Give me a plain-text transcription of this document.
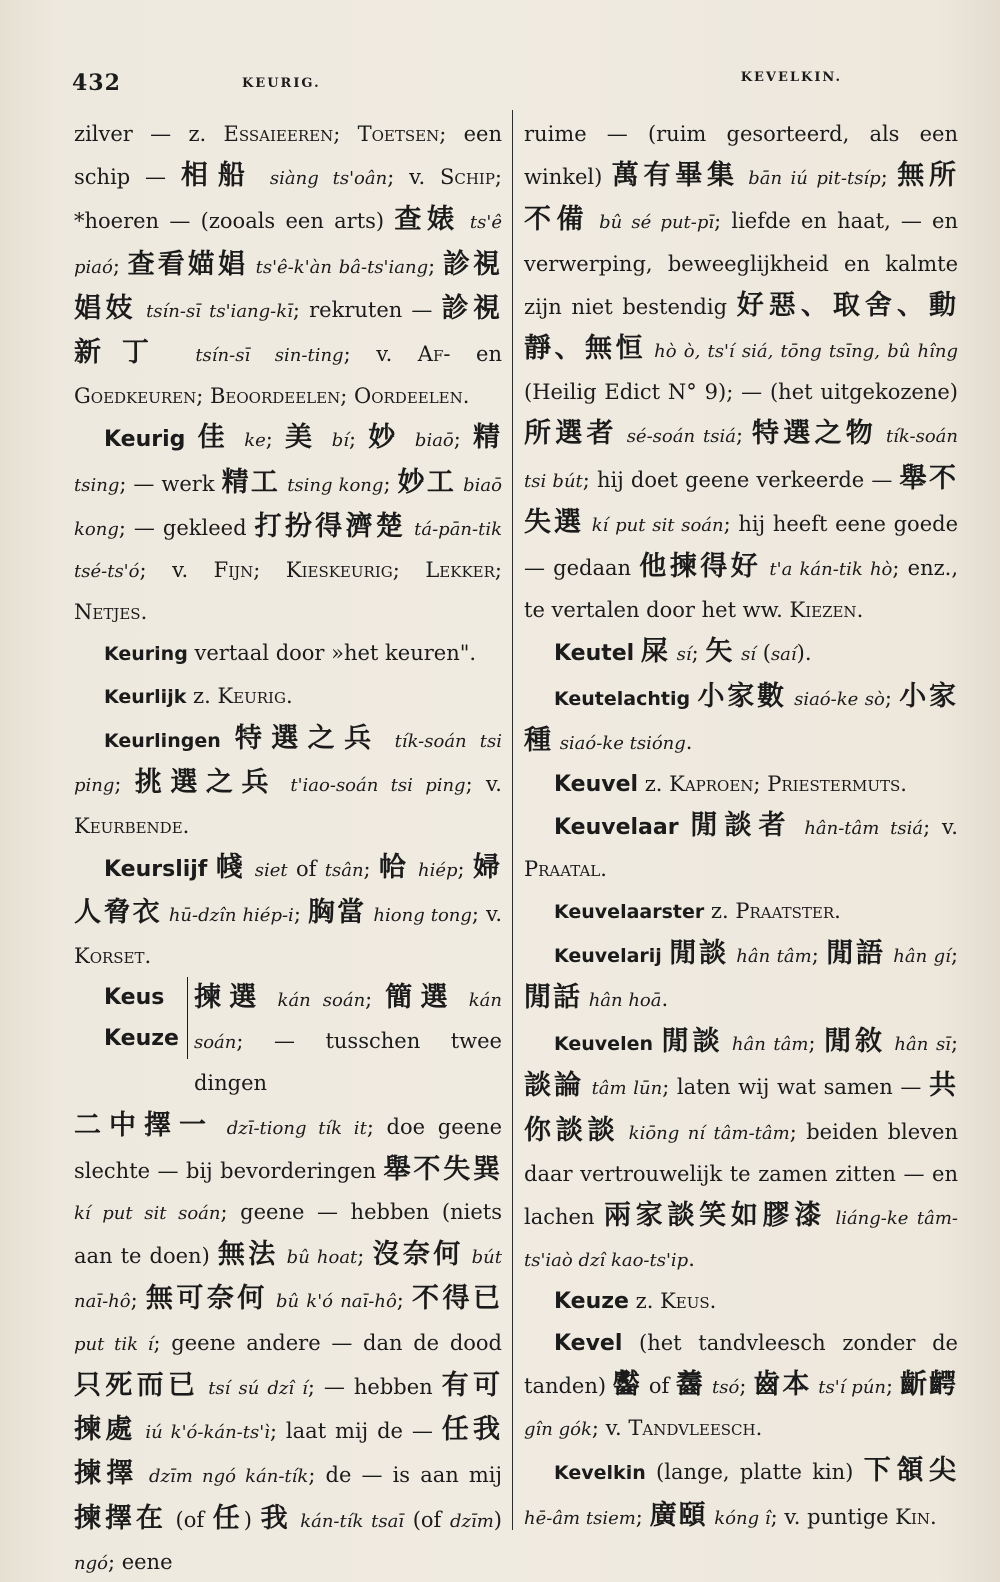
432	KEURIG.	KEVELKIN.

zilver — z. Essaieeren; Toetsen; een schip — 相船 siàng ts'oân; v. Schip; *hoeren — (zooals een arts) 查婊 ts'ê piaó; 查看媌娼 ts'ê-k'àn bâ-ts'iang; 診視娼妓 tsín-sī ts'iang-kī; rekruten — 診視新丁 tsín-sī sin-ting; v. Af- en Goedkeuren; Beoordeelen; Oordeelen.

Keurig 佳 ke; 美 bí; 妙 biaō; 精 tsing; — werk 精工 tsing kong; 妙工 biaō kong; — gekleed 打扮得濟楚 tá-pān-tik tsé-ts'ó; v. Fijn; Kieskeurig; Lekker; Netjes.

Keuring vertaal door »het keuren".

Keurlijk z. Keurig.

Keurlingen 特選之兵 tík-soán tsi ping; 挑選之兵 t'iao-soán tsi ping; v. Keurbende.

Keurslijf 帴 siet of tsân; 帢 hiép; 婦人脅衣 hū-dzîn hiép-i; 胸當 hiong tong; v. Korset.

Keus
Keuze
揀選 kán soán; 簡選 kán soán; — tusschen twee dingen

二中擇一 dzī-tiong tík it; doe geene slechte — bij bevorderingen 舉不失巽 kí put sit soán; geene — hebben (niets aan te doen) 無法 bû hoat; 沒奈何 bút naī-hô; 無可奈何 bû k'ó naī-hô; 不得已 put tik í; geene andere — dan de dood 只死而已 tsí sú dzî í; — hebben 有可揀處 iú k'ó-kán-ts'ì; laat mij de — 任我揀擇 dzīm ngó kán-tík; de — is aan mij 揀擇在 (of 任) 我 kán-tík tsaī (of dzīm) ngó; eene

ruime — (ruim gesorteerd, als een winkel) 萬有畢集 bān iú pit-tsíp; 無所不備 bû sé put-pī; liefde en haat, — en verwerping, beweeglijkheid en kalmte zijn niet bestendig 好惡、取舍、動靜、無恒 hò ò, ts'í siá, tōng tsīng, bû hîng (Heilig Edict N° 9); — (het uitgekozene) 所選者 sé-soán tsiá; 特選之物 tík-soán tsi bút; hij doet geene verkeerde — 舉不失選 kí put sit soán; hij heeft eene goede — gedaan 他揀得好 t'a kán-tik hò; enz., te vertalen door het ww. Kiezen.

Keutel 屎 sí; 矢 sí (saí).

Keutelachtig 小家數 siaó-ke sò; 小家種 siaó-ke tsióng.

Keuvel z. Kaproen; Priestermuts.

Keuvelaar 閒談者 hân-tâm tsiá; v. Praatal.

Keuvelaarster z. Praatster.

Keuvelarij 閒談 hân tâm; 閒語 hân gí; 閒話 hân hoā.

Keuvelen 閒談 hân tâm; 閒敘 hân sī; 談論 tâm lūn; laten wij wat samen — 共你談談 kiōng ní tâm-tâm; beiden bleven daar vertrouwelijk te zamen zitten — en lachen 兩家談笑如膠漆 liáng-ke tâm-ts'iaò dzî kao-ts'ip.

Keuze z. Keus.

Kevel (het tandvleesch zonder de tanden) 齾 of 齹 tsó; 齒本 ts'í pún; 齗齶 gîn gók; v. Tandvleesch.

Kevelkin (lange, platte kin) 下頷尖 hē-âm tsiem; 廣頤 kóng î; v. puntige Kin.
